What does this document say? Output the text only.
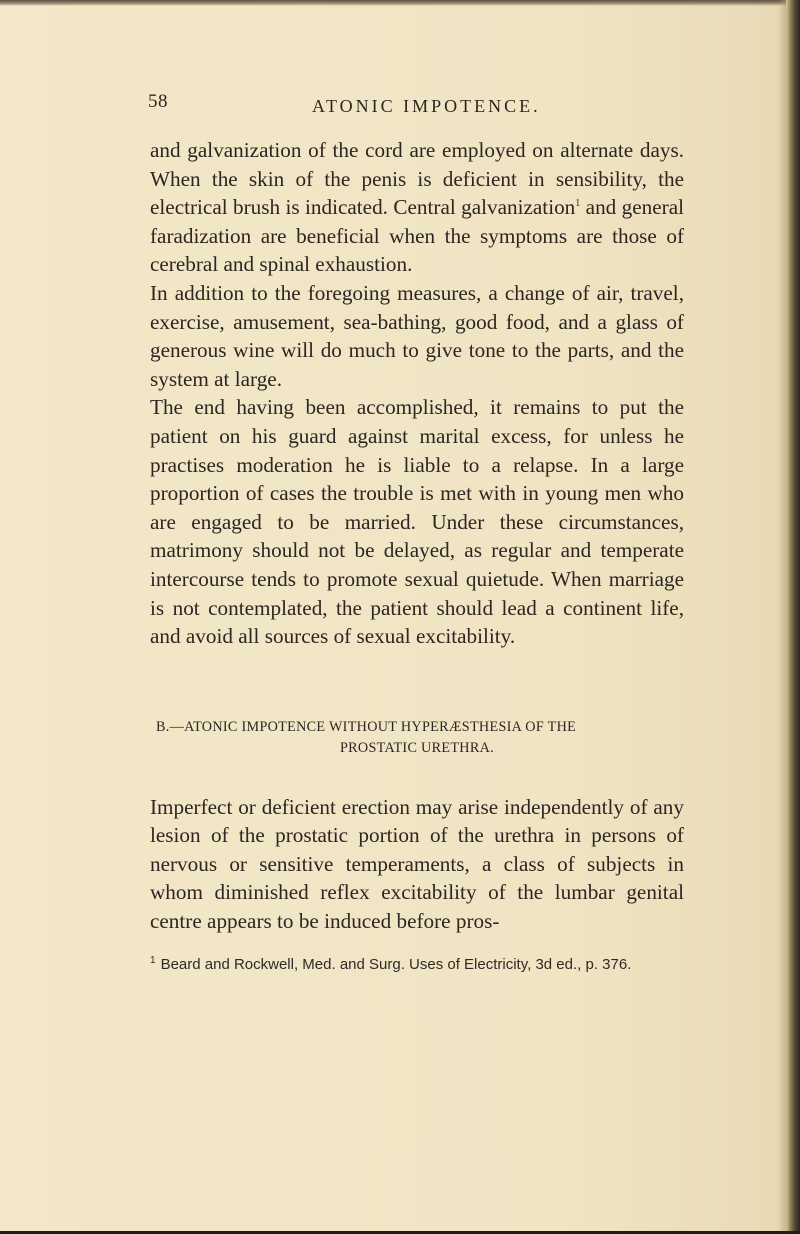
58	ATONIC IMPOTENCE.

and galvanization of the cord are employed on alternate days. When the skin of the penis is deficient in sensibility, the electrical brush is indicated. Central galvanization$^1$ and general faradization are beneficial when the symptoms are those of cerebral and spinal exhaustion.

In addition to the foregoing measures, a change of air, travel, exercise, amusement, sea-bathing, good food, and a glass of generous wine will do much to give tone to the parts, and the system at large.

The end having been accomplished, it remains to put the patient on his guard against marital excess, for unless he practises moderation he is liable to a relapse. In a large proportion of cases the trouble is met with in young men who are engaged to be married. Under these circumstances, matrimony should not be delayed, as regular and temperate intercourse tends to promote sexual quietude. When marriage is not contemplated, the patient should lead a continent life, and avoid all sources of sexual excitability.

B.—ATONIC IMPOTENCE WITHOUT HYPERÆSTHESIA OF THE
PROSTATIC URETHRA.

Imperfect or deficient erection may arise independently of any lesion of the prostatic portion of the urethra in persons of nervous or sensitive temperaments, a class of subjects in whom diminished reflex excitability of the lumbar genital centre appears to be induced before pros-

$^1$ Beard and Rockwell, Med. and Surg. Uses of Electricity, 3d ed., p. 376.
